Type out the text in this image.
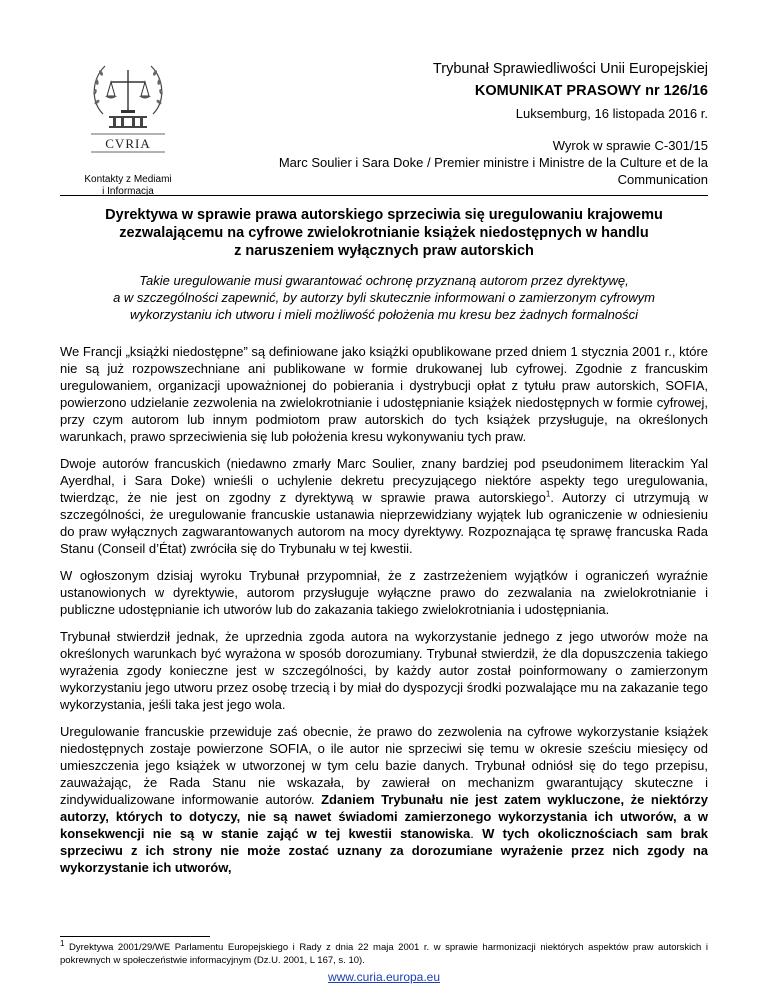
CVRIA
Kontakty z Mediami
i Informacja
Trybunał Sprawiedliwości Unii Europejskiej
KOMUNIKAT PRASOWY nr 126/16
Luksemburg, 16 listopada 2016 r.
Wyrok w sprawie C-301/15
Marc Soulier i Sara Doke / Premier ministre i Ministre de la Culture et de la
Communication
Dyrektywa w sprawie prawa autorskiego sprzeciwia się uregulowaniu krajowemu
zezwalającemu na cyfrowe zwielokrotnianie książek niedostępnych w handlu
z naruszeniem wyłącznych praw autorskich
Takie uregulowanie musi gwarantować ochronę przyznaną autorom przez dyrektywę,
a w szczególności zapewnić, by autorzy byli skutecznie informowani o zamierzonym cyfrowym
wykorzystaniu ich utworu i mieli możliwość położenia mu kresu bez żadnych formalności

We Francji „książki niedostępne” są definiowane jako książki opublikowane przed dniem 1 stycznia 2001 r., które nie są już rozpowszechniane ani publikowane w formie drukowanej lub cyfrowej. Zgodnie z francuskim uregulowaniem, organizacji upoważnionej do pobierania i dystrybucji opłat z tytułu praw autorskich, SOFIA, powierzono udzielanie zezwolenia na zwielokrotnianie i udostępnianie książek niedostępnych w formie cyfrowej, przy czym autorom lub innym podmiotom praw autorskich do tych książek przysługuje, na określonych warunkach, prawo sprzeciwienia się lub położenia kresu wykonywaniu tych praw.

Dwoje autorów francuskich (niedawno zmarły Marc Soulier, znany bardziej pod pseudonimem literackim Yal Ayerdhal, i Sara Doke) wnieśli o uchylenie dekretu precyzującego niektóre aspekty tego uregulowania, twierdząc, że nie jest on zgodny z dyrektywą w sprawie prawa autorskiego$^1$. Autorzy ci utrzymują w szczególności, że uregulowanie francuskie ustanawia nieprzewidziany wyjątek lub ograniczenie w odniesieniu do praw wyłącznych zagwarantowanych autorom na mocy dyrektywy. Rozpoznająca tę sprawę francuska Rada Stanu (Conseil d’État) zwróciła się do Trybunału w tej kwestii.

W ogłoszonym dzisiaj wyroku Trybunał przypomniał, że z zastrzeżeniem wyjątków i ograniczeń wyraźnie ustanowionych w dyrektywie, autorom przysługuje wyłączne prawo do zezwalania na zwielokrotnianie i publiczne udostępnianie ich utworów lub do zakazania takiego zwielokrotniania i udostępniania.

Trybunał stwierdził jednak, że uprzednia zgoda autora na wykorzystanie jednego z jego utworów może na określonych warunkach być wyrażona w sposób dorozumiany. Trybunał stwierdził, że dla dopuszczenia takiego wyrażenia zgody konieczne jest w szczególności, by każdy autor został poinformowany o zamierzonym wykorzystaniu jego utworu przez osobę trzecią i by miał do dyspozycji środki pozwalające mu na zakazanie tego wykorzystania, jeśli taka jest jego wola.

Uregulowanie francuskie przewiduje zaś obecnie, że prawo do zezwolenia na cyfrowe wykorzystanie książek niedostępnych zostaje powierzone SOFIA, o ile autor nie sprzeciwi się temu w okresie sześciu miesięcy od umieszczenia jego książek w utworzonej w tym celu bazie danych. Trybunał odniósł się do tego przepisu, zauważając, że Rada Stanu nie wskazała, by zawierał on mechanizm gwarantujący skuteczne i zindywidualizowane informowanie autorów. Zdaniem Trybunału nie jest zatem wykluczone, że niektórzy autorzy, których to dotyczy, nie są nawet świadomi zamierzonego wykorzystania ich utworów, a w konsekwencji nie są w stanie zająć w tej kwestii stanowiska. W tych okolicznościach sam brak sprzeciwu z ich strony nie może zostać uznany za dorozumiane wyrażenie przez nich zgody na wykorzystanie ich utworów,

$^1$ Dyrektywa 2001/29/WE Parlamentu Europejskiego i Rady z dnia 22 maja 2001 r. w sprawie harmonizacji niektórych aspektów praw autorskich i pokrewnych w społeczeństwie informacyjnym (Dz.U. 2001, L 167, s. 10).
www.curia.europa.eu
